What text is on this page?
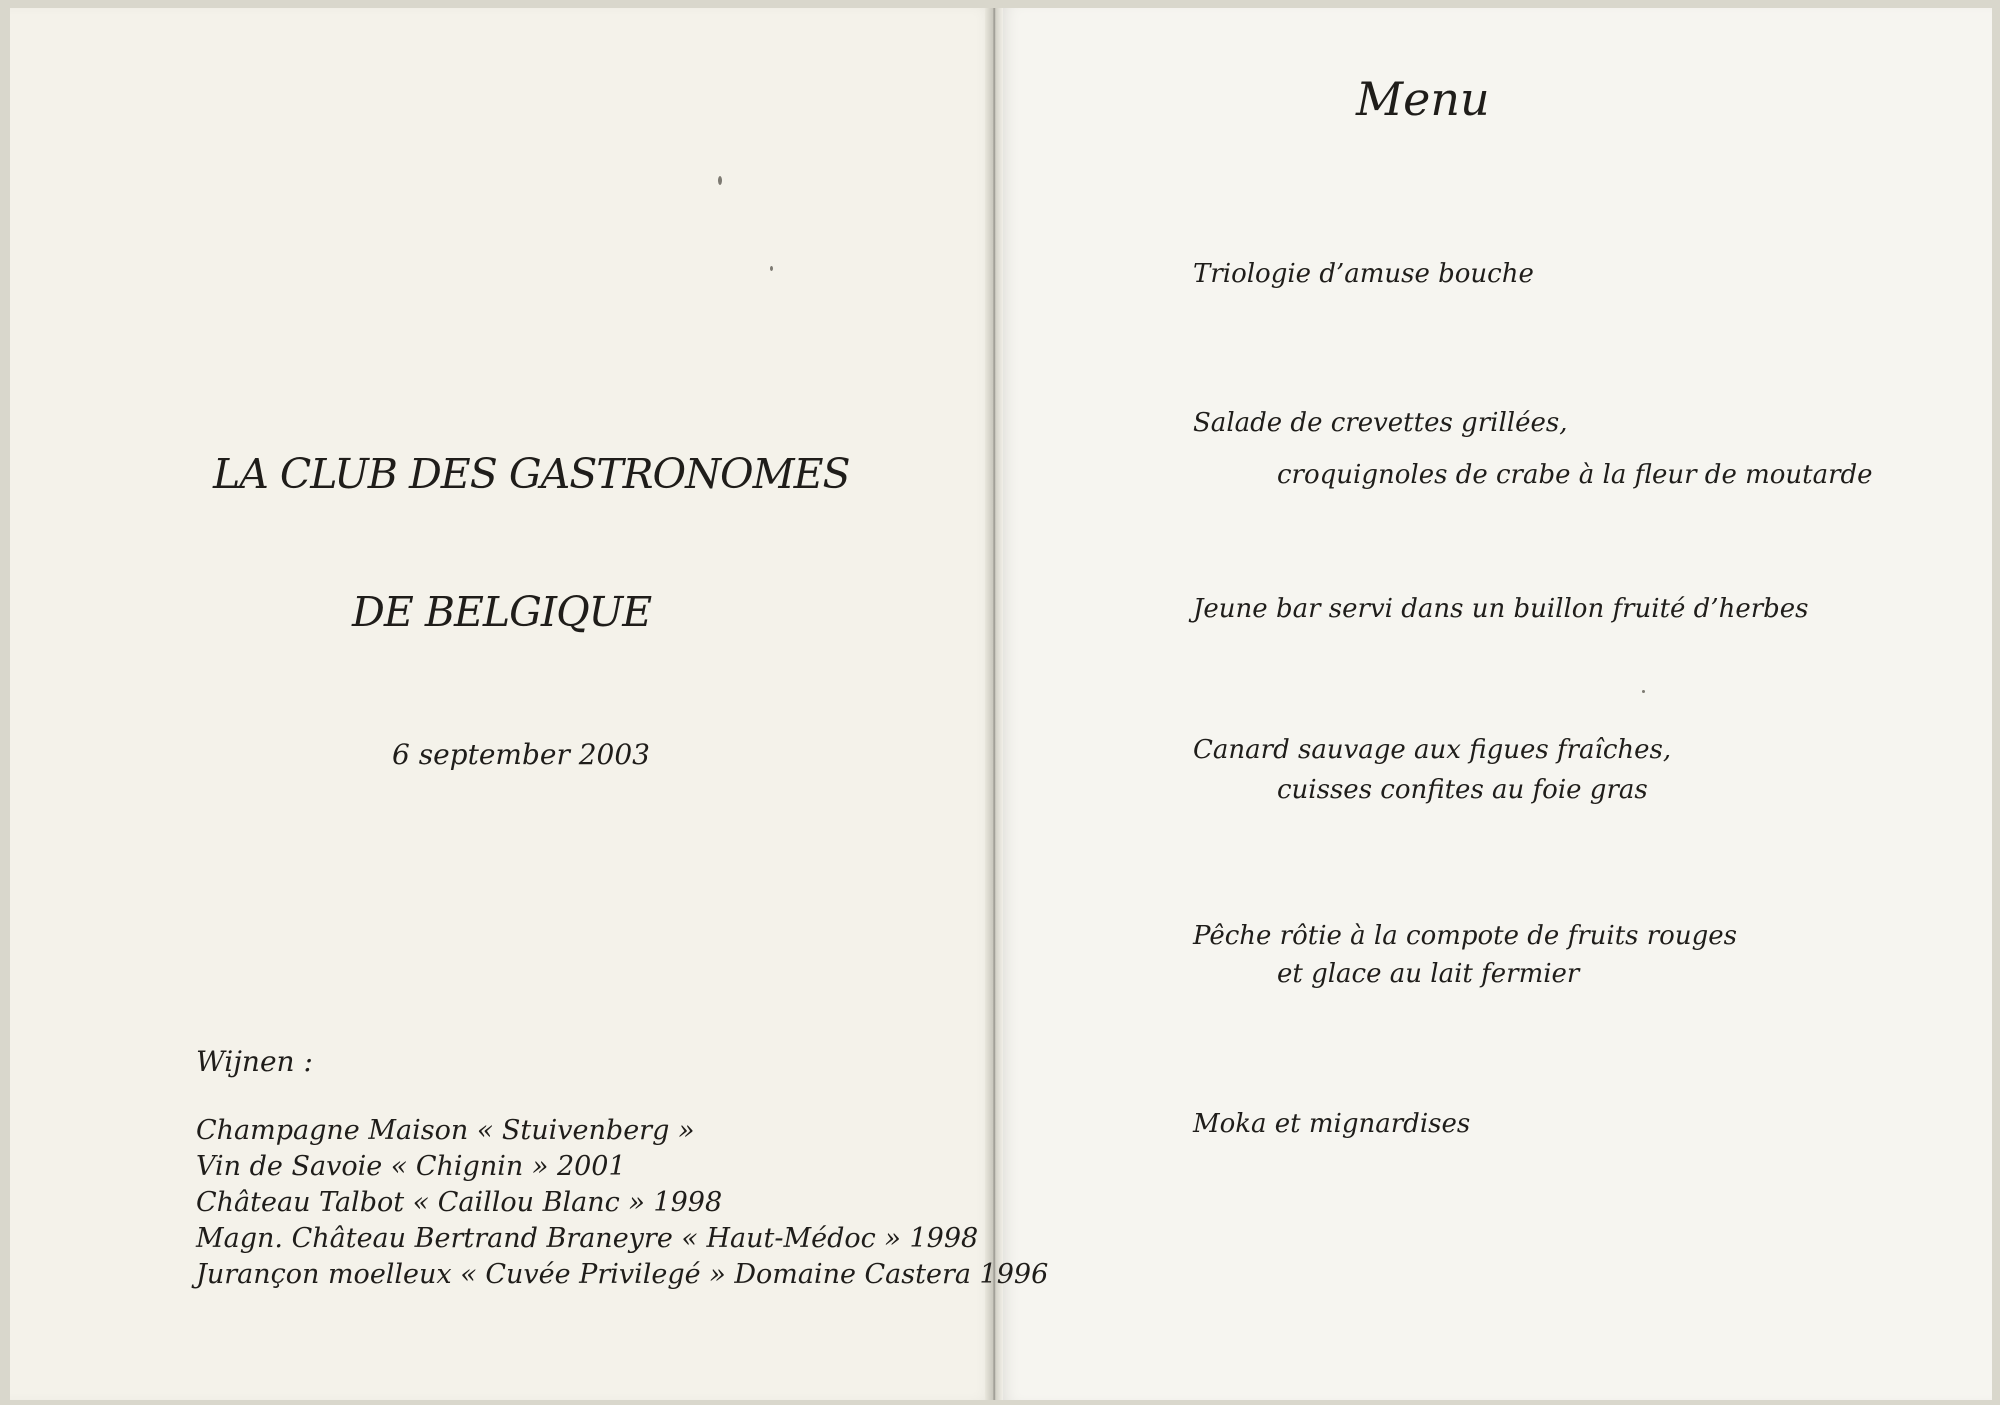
LA CLUB DES GASTRONOMES
DE BELGIQUE
6 september 2003
Wijnen :
Champagne Maison « Stuivenberg »
Vin de Savoie « Chignin » 2001
Château Talbot « Caillou Blanc » 1998
Magn. Château Bertrand Braneyre « Haut-Médoc » 1998
Jurançon moelleux « Cuvée Privilegé » Domaine Castera 1996
Menu
Triologie d’amuse bouche
Salade de crevettes grillées,
croquignoles de crabe à la fleur de moutarde
Jeune bar servi dans un buillon fruité d’herbes
Canard sauvage aux figues fraîches,
cuisses confites au foie gras
Pêche rôtie à la compote de fruits rouges
et glace au lait fermier
Moka et mignardises
